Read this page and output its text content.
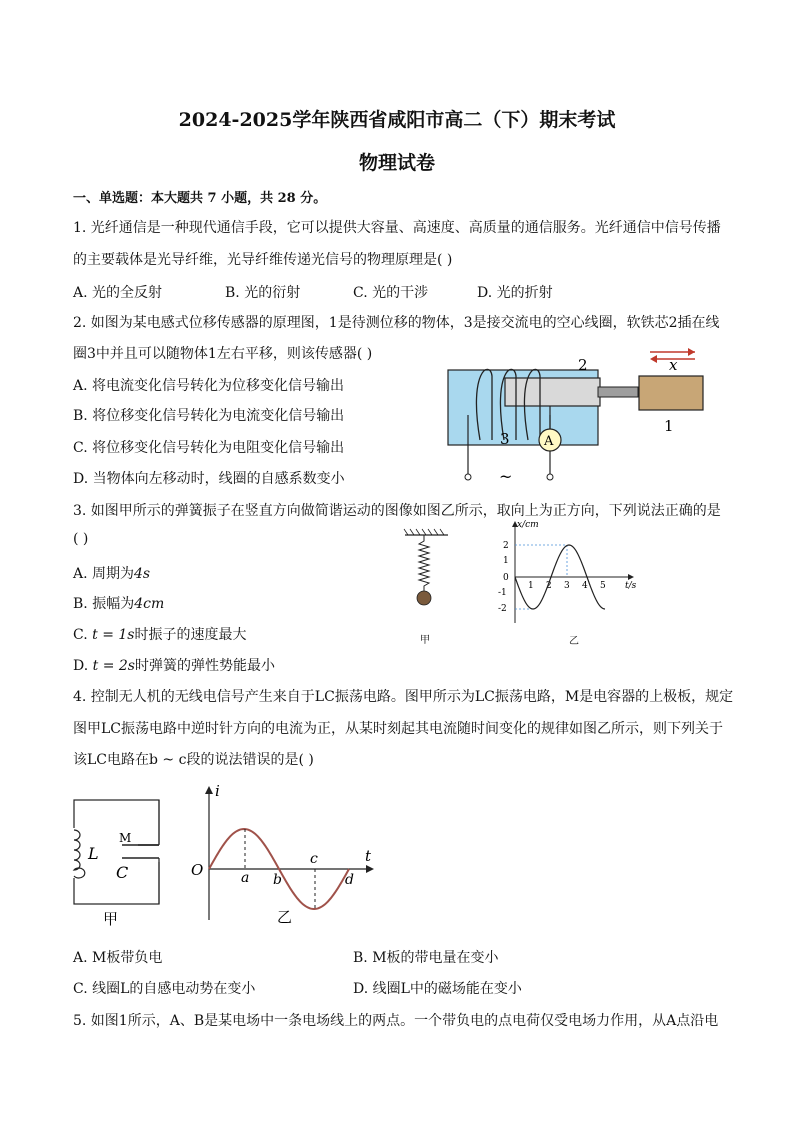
2024-2025学年陕西省咸阳市高二（下）期末考试
物理试卷
一、单选题：本大题共 7 小题，共 28 分。
1. 光纤通信是一种现代通信手段，它可以提供大容量、高速度、高质量的通信服务。光纤通信中信号传播
的主要载体是光导纤维，光导纤维传递光信号的物理原理是( )
A. 光的全反射	B. 光的衍射	C. 光的干涉	D. 光的折射
2. 如图为某电感式位移传感器的原理图，1是待测位移的物体，3是接交流电的空心线圈，软铁芯2插在线
圈3中并且可以随物体1左右平移，则该传感器( )
A. 将电流变化信号转化为位移变化信号输出
B. 将位移变化信号转化为电流变化信号输出
C. 将位移变化信号转化为电阻变化信号输出
D. 当物体向左移动时，线圈的自感系数变小
x
A
3
~
2
1
3. 如图甲所示的弹簧振子在竖直方向做简谐运动的图像如图乙所示，取向上为正方向，下列说法正确的是
( )
A. 周期为4s
B. 振幅为4cm
C. t = 1s时振子的速度最大
D. t = 2s时弹簧的弹性势能最小
甲
x/cm
t/s
2
1
0
-1
-2
1 2 3 4 5
乙
4. 控制无人机的无线电信号产生来自于LC振荡电路。图甲所示为LC振荡电路，M是电容器的上极板，规定
图甲LC振荡电路中逆时针方向的电流为正，从某时刻起其电流随时间变化的规律如图乙所示，则下列关于
该LC电路在b ~ c段的说法错误的是( )
L
M
C
甲
i
t
O	a b
c
d
乙
A. M板带负电	B. M板的带电量在变小
C. 线圈L的自感电动势在变小	D. 线圈L中的磁场能在变小
5. 如图1所示，A、B是某电场中一条电场线上的两点。一个带负电的点电荷仅受电场力作用，从A点沿电
